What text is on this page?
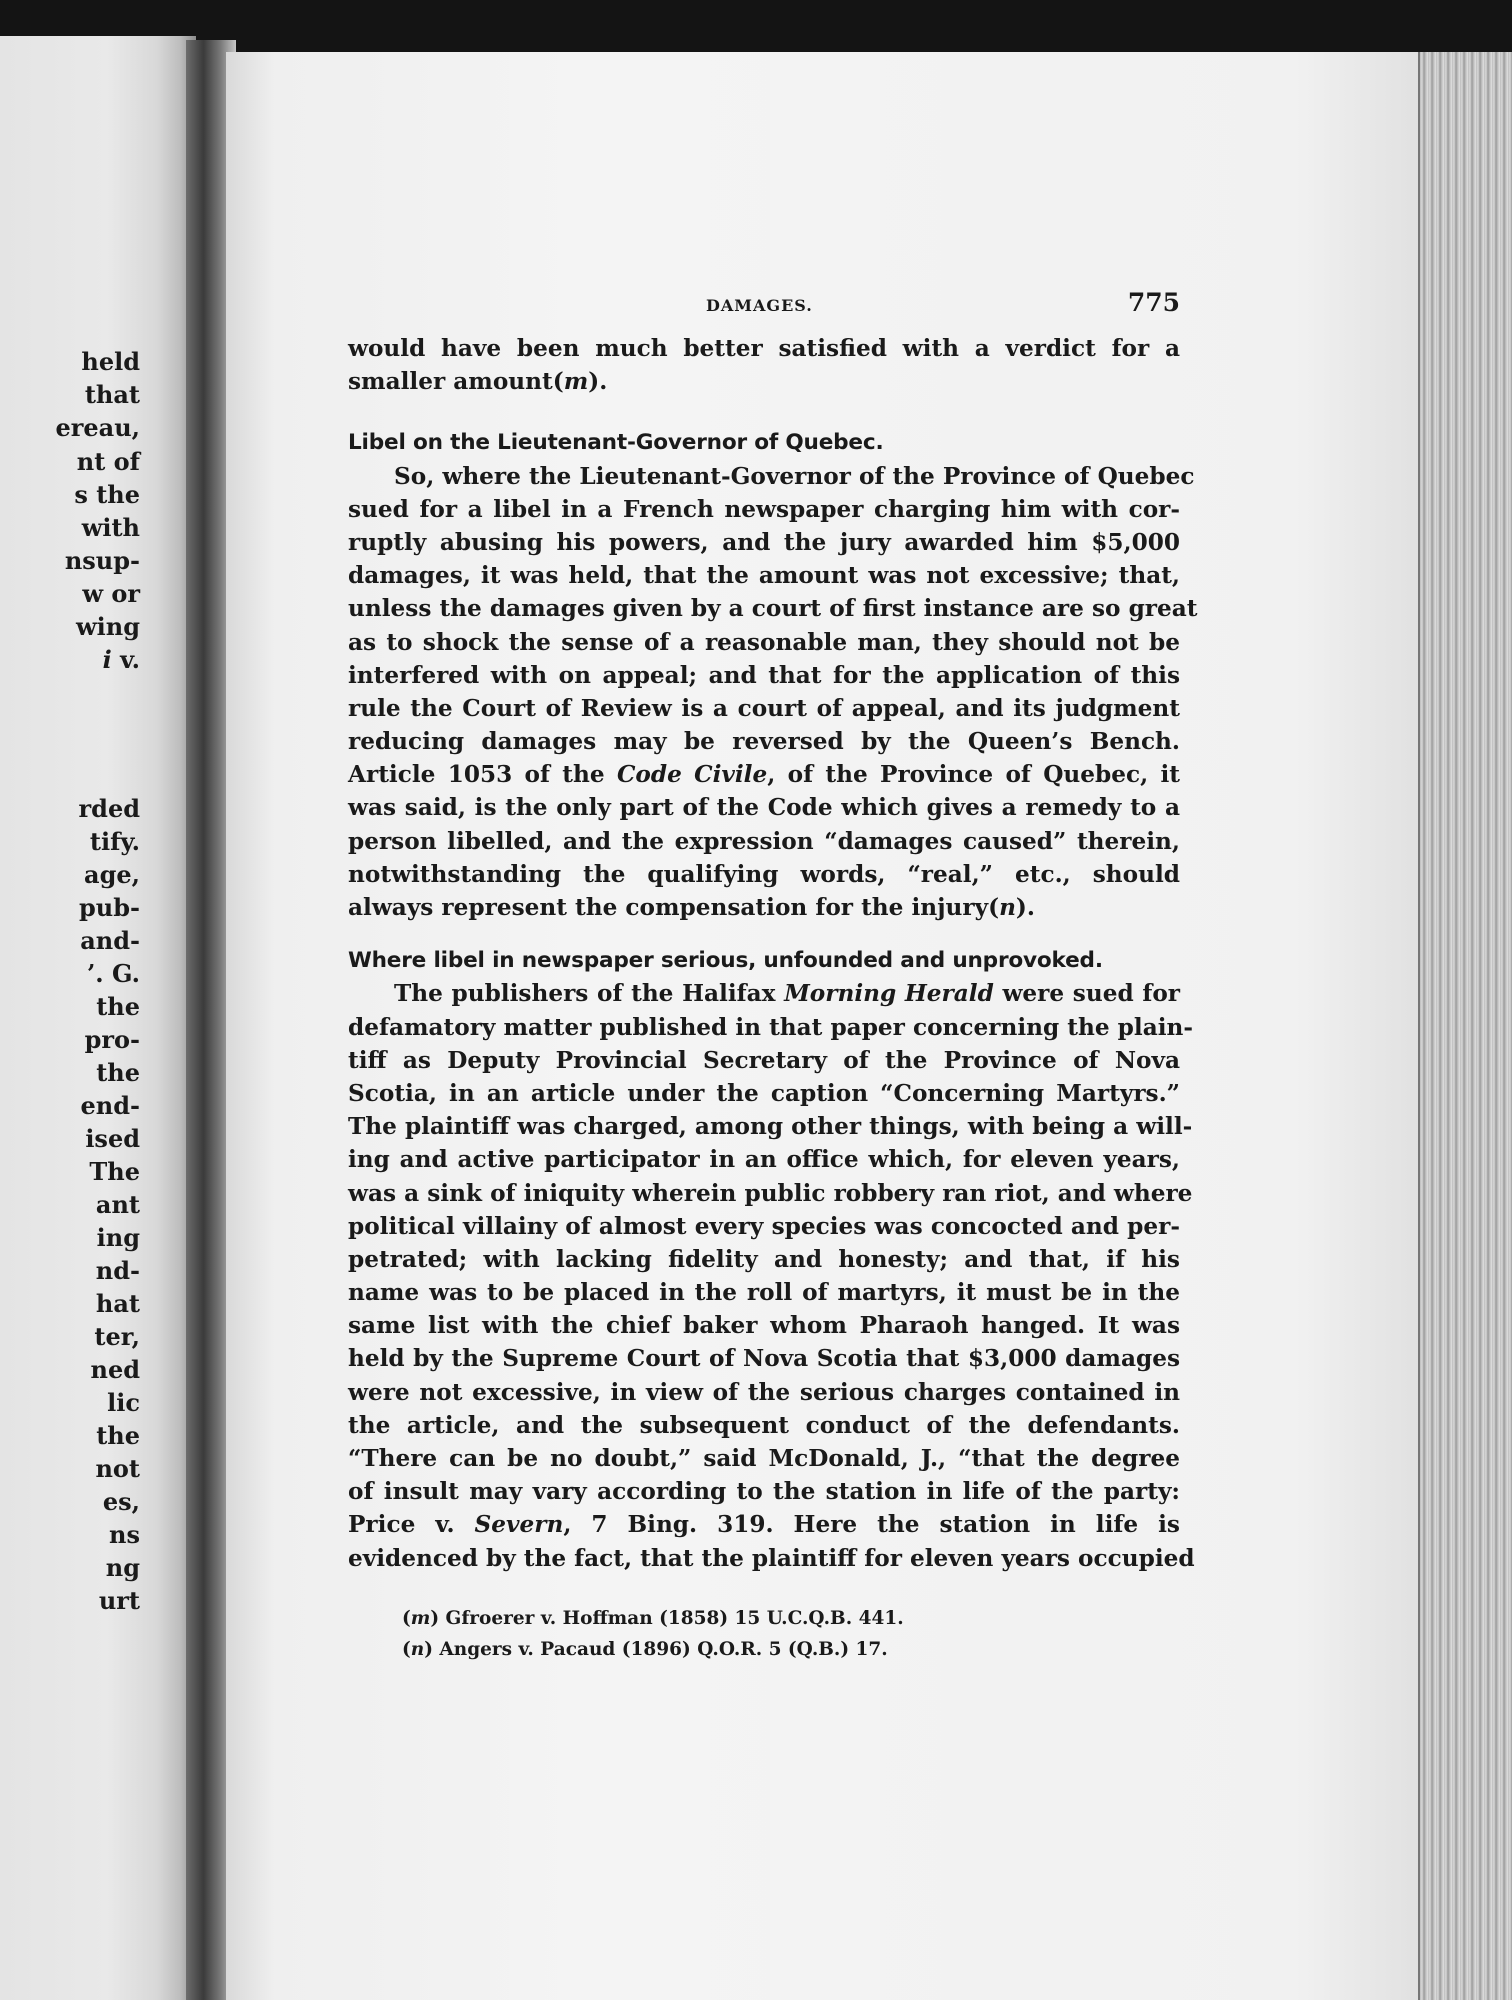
held
that
ereau,
nt of
s the
with
nsup-
w or
wing
i v.
rded
tify.
age,
pub-
and-
’. G.
the
pro-
the
end-
ised
The
ant
ing
nd-
hat
ter,
ned
lic
the
not
es,
ns
ng
urt
DAMAGES.	775
would have been much better satisfied with a verdict for a
smaller amount(m).
Libel on the Lieutenant-Governor of Quebec.
So, where the Lieutenant-Governor of the Province of Quebec
sued for a libel in a French newspaper charging him with cor-
ruptly abusing his powers, and the jury awarded him $5,000
damages, it was held, that the amount was not excessive; that,
unless the damages given by a court of first instance are so great
as to shock the sense of a reasonable man, they should not be
interfered with on appeal; and that for the application of this
rule the Court of Review is a court of appeal, and its judgment
reducing damages may be reversed by the Queen’s Bench.
Article 1053 of the Code Civile, of the Province of Quebec, it
was said, is the only part of the Code which gives a remedy to a
person libelled, and the expression “damages caused” therein,
notwithstanding the qualifying words, “real,” etc., should
always represent the compensation for the injury(n).
Where libel in newspaper serious, unfounded and unprovoked.
The publishers of the Halifax Morning Herald were sued for
defamatory matter published in that paper concerning the plain-
tiff as Deputy Provincial Secretary of the Province of Nova
Scotia, in an article under the caption “Concerning Martyrs.”
The plaintiff was charged, among other things, with being a will-
ing and active participator in an office which, for eleven years,
was a sink of iniquity wherein public robbery ran riot, and where
political villainy of almost every species was concocted and per-
petrated; with lacking fidelity and honesty; and that, if his
name was to be placed in the roll of martyrs, it must be in the
same list with the chief baker whom Pharaoh hanged. It was
held by the Supreme Court of Nova Scotia that $3,000 damages
were not excessive, in view of the serious charges contained in
the article, and the subsequent conduct of the defendants.
“There can be no doubt,” said McDonald, J., “that the degree
of insult may vary according to the station in life of the party:
Price v. Severn, 7 Bing. 319. Here the station in life is
evidenced by the fact, that the plaintiff for eleven years occupied
(m) Gfroerer v. Hoffman (1858) 15 U.C.Q.B. 441.
(n) Angers v. Pacaud (1896) Q.O.R. 5 (Q.B.) 17.
